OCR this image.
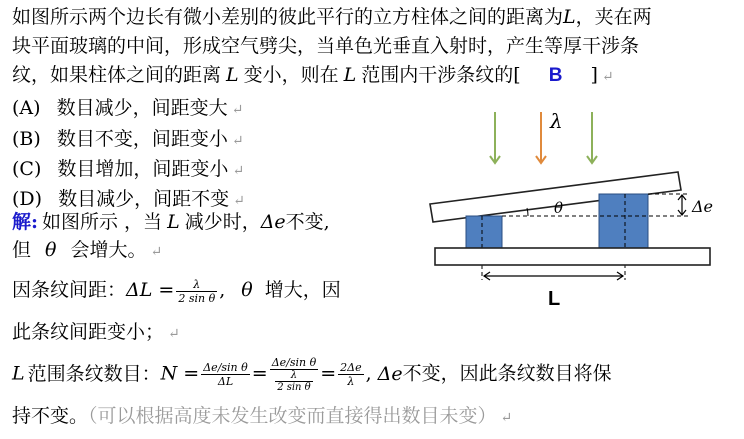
如图所示两个边长有微小差别的彼此平行的立方柱体之间的距离为L，夹在两
块平面玻璃的中间，形成空气劈尖，当单色光垂直入射时，产生等厚干涉条
纹，如果柱体之间的距离 L 变小，则在 L 范围内干涉条纹的[ B ] ↵
(A) 数目减少，间距变大 ↵
(B) 数目不变，间距变小 ↵
(C) 数目增加，间距变小 ↵
(D) 数目减少，间距不变 ↵
解: 如图所示 ，当 L 减少时，Δe不变,
但 θ 会增大。 ↵
因条纹间距：$\Delta L = \frac{\lambda}{\text{2 sin θ}}$ , θ 增大，因
此条纹间距变小； ↵
L 范围条纹数目：$N = \frac{\text{Δe/sin θ}}{\Delta L} = \frac{\text{Δe/sin θ}}{\frac{\lambda}{\text{2 sin θ}}} = \frac{2\Delta e}{\lambda}$ , Δe不变，因此条纹数目将保
持不变。（可以根据高度未发生改变而直接得出数目未变） ↵
λ
θ	Δe
L
